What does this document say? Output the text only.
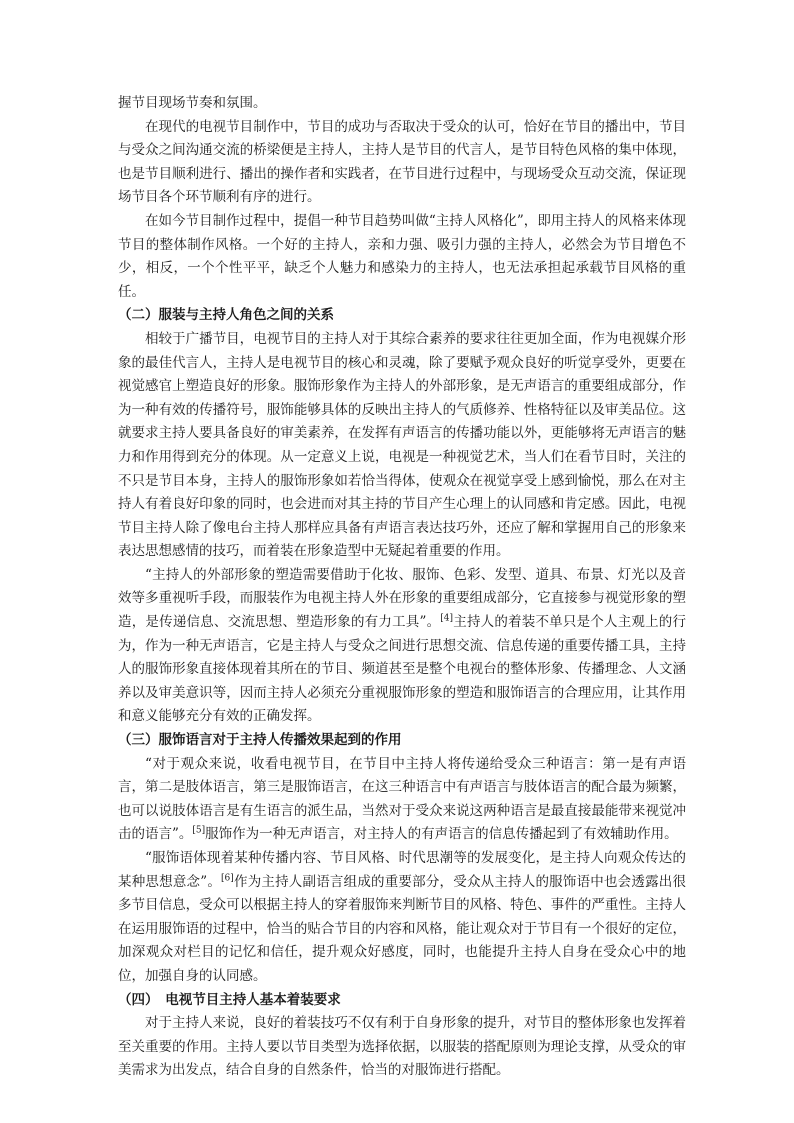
握节目现场节奏和氛围。

在现代的电视节目制作中，节目的成功与否取决于受众的认可，恰好在节目的播出中，节目与受众之间沟通交流的桥梁便是主持人，主持人是节目的代言人，是节目特色风格的集中体现，也是节目顺利进行、播出的操作者和实践者，在节目进行过程中，与现场受众互动交流，保证现场节目各个环节顺利有序的进行。

在如今节目制作过程中，提倡一种节目趋势叫做“主持人风格化”，即用主持人的风格来体现节目的整体制作风格。一个好的主持人，亲和力强、吸引力强的主持人，必然会为节目增色不少，相反，一个个性平平，缺乏个人魅力和感染力的主持人，也无法承担起承载节目风格的重任。

（二）服装与主持人角色之间的关系

相较于广播节目，电视节目的主持人对于其综合素养的要求往往更加全面，作为电视媒介形象的最佳代言人，主持人是电视节目的核心和灵魂，除了要赋予观众良好的听觉享受外，更要在视觉感官上塑造良好的形象。服饰形象作为主持人的外部形象，是无声语言的重要组成部分，作为一种有效的传播符号，服饰能够具体的反映出主持人的气质修养、性格特征以及审美品位。这就要求主持人要具备良好的审美素养，在发挥有声语言的传播功能以外，更能够将无声语言的魅力和作用得到充分的体现。从一定意义上说，电视是一种视觉艺术，当人们在看节目时，关注的不只是节目本身，主持人的服饰形象如若恰当得体，使观众在视觉享受上感到愉悦，那么在对主持人有着良好印象的同时，也会进而对其主持的节目产生心理上的认同感和肯定感。因此，电视节目主持人除了像电台主持人那样应具备有声语言表达技巧外，还应了解和掌握用自己的形象来表达思想感情的技巧，而着装在形象造型中无疑起着重要的作用。

“主持人的外部形象的塑造需要借助于化妆、服饰、色彩、发型、道具、布景、灯光以及音效等多重视听手段，而服装作为电视主持人外在形象的重要组成部分，它直接参与视觉形象的塑造，是传递信息、交流思想、塑造形象的有力工具”。[4]主持人的着装不单只是个人主观上的行为，作为一种无声语言，它是主持人与受众之间进行思想交流、信息传递的重要传播工具，主持人的服饰形象直接体现着其所在的节目、频道甚至是整个电视台的整体形象、传播理念、人文涵养以及审美意识等，因而主持人必须充分重视服饰形象的塑造和服饰语言的合理应用，让其作用和意义能够充分有效的正确发挥。

（三）服饰语言对于主持人传播效果起到的作用

“对于观众来说，收看电视节目，在节目中主持人将传递给受众三种语言：第一是有声语言，第二是肢体语言，第三是服饰语言，在这三种语言中有声语言与肢体语言的配合最为频繁，也可以说肢体语言是有生语言的派生品，当然对于受众来说这两种语言是最直接最能带来视觉冲击的语言”。[5]服饰作为一种无声语言，对主持人的有声语言的信息传播起到了有效辅助作用。

“服饰语体现着某种传播内容、节目风格、时代思潮等的发展变化，是主持人向观众传达的某种思想意念”。[6]作为主持人副语言组成的重要部分，受众从主持人的服饰语中也会透露出很多节目信息，受众可以根据主持人的穿着服饰来判断节目的风格、特色、事件的严重性。主持人在运用服饰语的过程中，恰当的贴合节目的内容和风格，能让观众对于节目有一个很好的定位，加深观众对栏目的记忆和信任，提升观众好感度，同时，也能提升主持人自身在受众心中的地位，加强自身的认同感。

（四）　电视节目主持人基本着装要求

对于主持人来说，良好的着装技巧不仅有利于自身形象的提升，对节目的整体形象也发挥着至关重要的作用。主持人要以节目类型为选择依据，以服装的搭配原则为理论支撑，从受众的审美需求为出发点，结合自身的自然条件，恰当的对服饰进行搭配。
